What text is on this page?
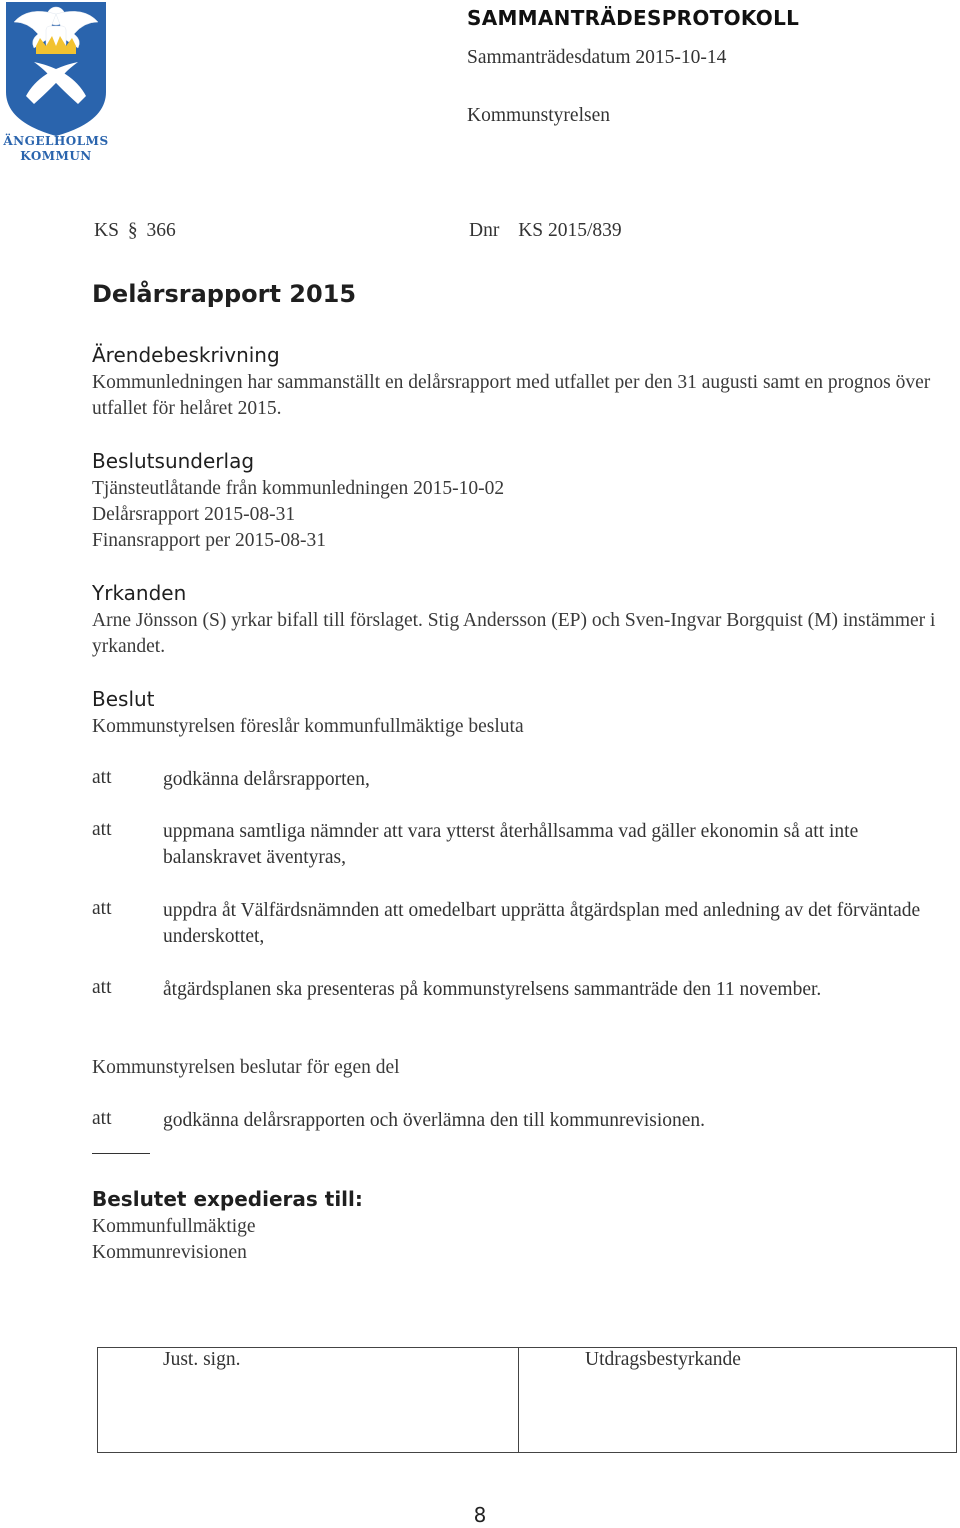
ÄNGELHOLMS
KOMMUN
SAMMANTRÄDESPROTOKOLL
Sammanträdesdatum 2015-10-14
Kommunstyrelsen
KS § 366	Dnr KS 2015/839
Delårsrapport 2015
Ärendebeskrivning
Kommunledningen har sammanställt en delårsrapport med utfallet per den 31 augusti samt en prognos över utfallet för helåret 2015.
Beslutsunderlag
Tjänsteutlåtande från kommunledningen 2015-10-02
Delårsrapport 2015-08-31
Finansrapport per 2015-08-31
Yrkanden
Arne Jönsson (S) yrkar bifall till förslaget. Stig Andersson (EP) och Sven-Ingvar Borgquist (M) instämmer i yrkandet.
Beslut
Kommunstyrelsen föreslår kommunfullmäktige besluta
att	godkänna delårsrapporten,
att	uppmana samtliga nämnder att vara ytterst återhållsamma vad gäller ekonomin så att inte balanskravet äventyras,
att	uppdra åt Välfärdsnämnden att omedelbart upprätta åtgärdsplan med anledning av det förväntade underskottet,
att	åtgärdsplanen ska presenteras på kommunstyrelsens sammanträde den 11 november.
Kommunstyrelsen beslutar för egen del
att	godkänna delårsrapporten och överlämna den till kommunrevisionen.
Beslutet expedieras till:
Kommunfullmäktige
Kommunrevisionen
Just. sign.	Utdragsbestyrkande
8
